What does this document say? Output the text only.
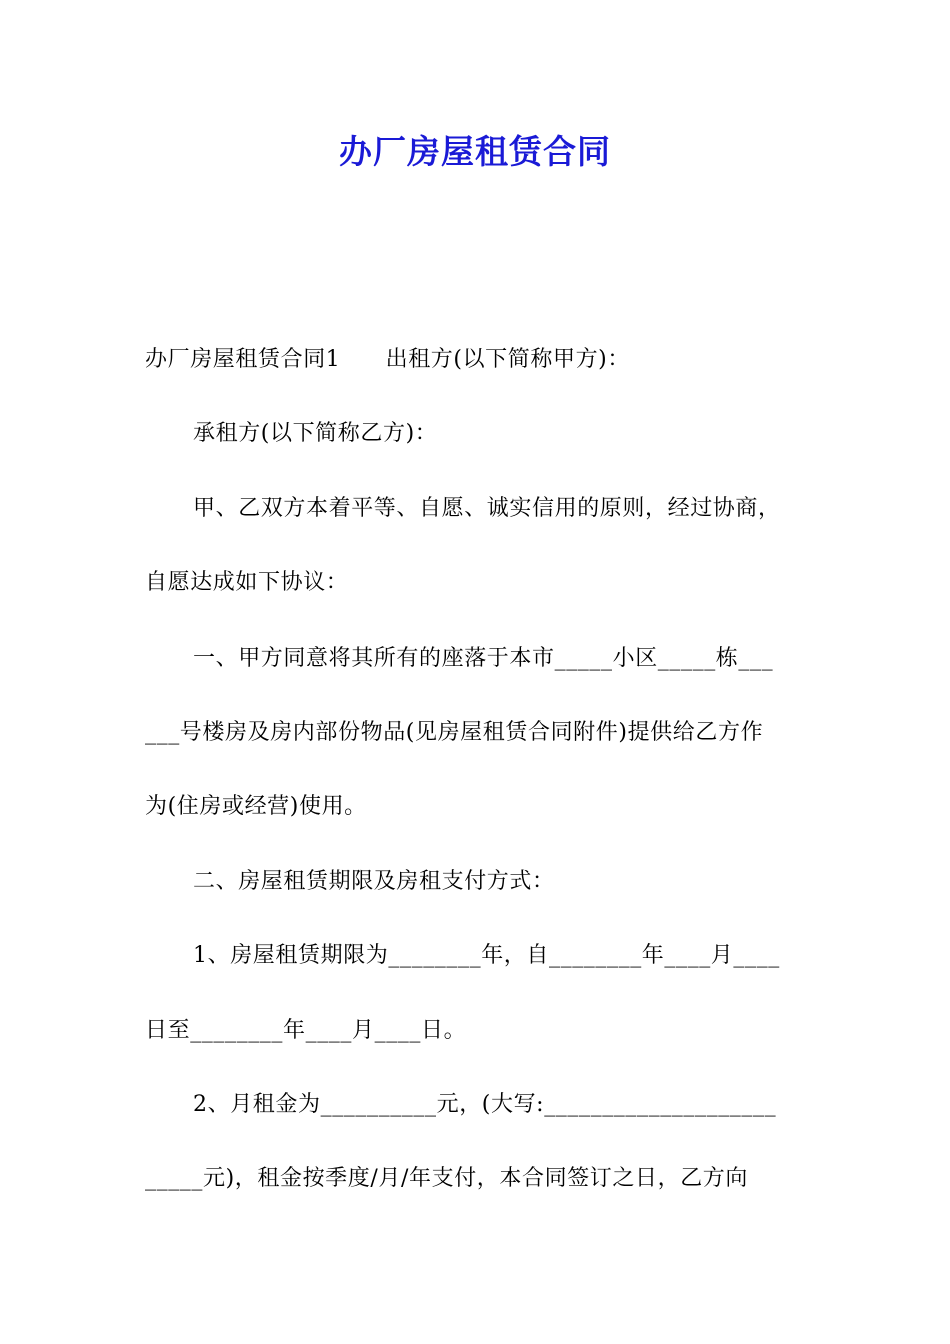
办厂房屋租赁合同
办厂房屋租赁合同1　　出租方(以下简称甲方)：
承租方(以下简称乙方)：
甲、乙双方本着平等、自愿、诚实信用的原则，经过协商，
自愿达成如下协议：
一、甲方同意将其所有的座落于本市_____小区_____栋___
___号楼房及房内部份物品(见房屋租赁合同附件)提供给乙方作
为(住房或经营)使用。
二、房屋租赁期限及房租支付方式：
1、房屋租赁期限为________年，自________年____月____
日至________年____月____日。
2、月租金为__________元，(大写:____________________
_____元)，租金按季度/月/年支付，本合同签订之日，乙方向
